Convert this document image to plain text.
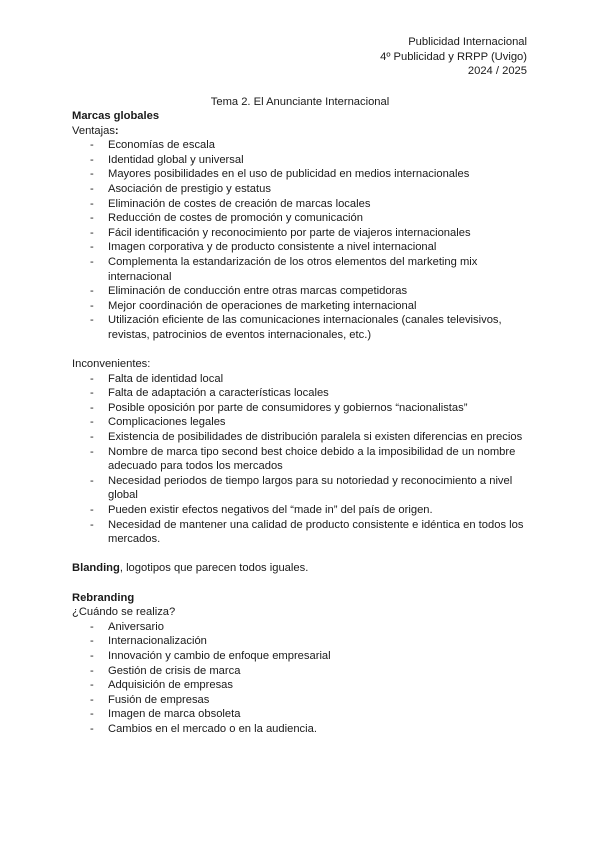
Publicidad Internacional
4º Publicidad y RRPP (Uvigo)
2024 / 2025
Tema 2. El Anunciante Internacional
Marcas globales
Ventajas:
- Economías de escala
- Identidad global y universal
- Mayores posibilidades en el uso de publicidad en medios internacionales
- Asociación de prestigio y estatus
- Eliminación de costes de creación de marcas locales
- Reducción de costes de promoción y comunicación
- Fácil identificación y reconocimiento por parte de viajeros internacionales
- Imagen corporativa y de producto consistente a nivel internacional
- Complementa la estandarización de los otros elementos del marketing mix internacional
- Eliminación de conducción entre otras marcas competidoras
- Mejor coordinación de operaciones de marketing internacional
- Utilización eficiente de las comunicaciones internacionales (canales televisivos, revistas, patrocinios de eventos internacionales, etc.)
Inconvenientes:
- Falta de identidad local
- Falta de adaptación a características locales
- Posible oposición por parte de consumidores y gobiernos “nacionalistas”
- Complicaciones legales
- Existencia de posibilidades de distribución paralela si existen diferencias en precios
- Nombre de marca tipo second best choice debido a la imposibilidad de un nombre adecuado para todos los mercados
- Necesidad periodos de tiempo largos para su notoriedad y reconocimiento a nivel global
- Pueden existir efectos negativos del “made in” del país de origen.
- Necesidad de mantener una calidad de producto consistente e idéntica en todos los mercados.
Blanding, logotipos que parecen todos iguales.
Rebranding
¿Cuándo se realiza?
- Aniversario
- Internacionalización
- Innovación y cambio de enfoque empresarial
- Gestión de crisis de marca
- Adquisición de empresas
- Fusión de empresas
- Imagen de marca obsoleta
- Cambios en el mercado o en la audiencia.
